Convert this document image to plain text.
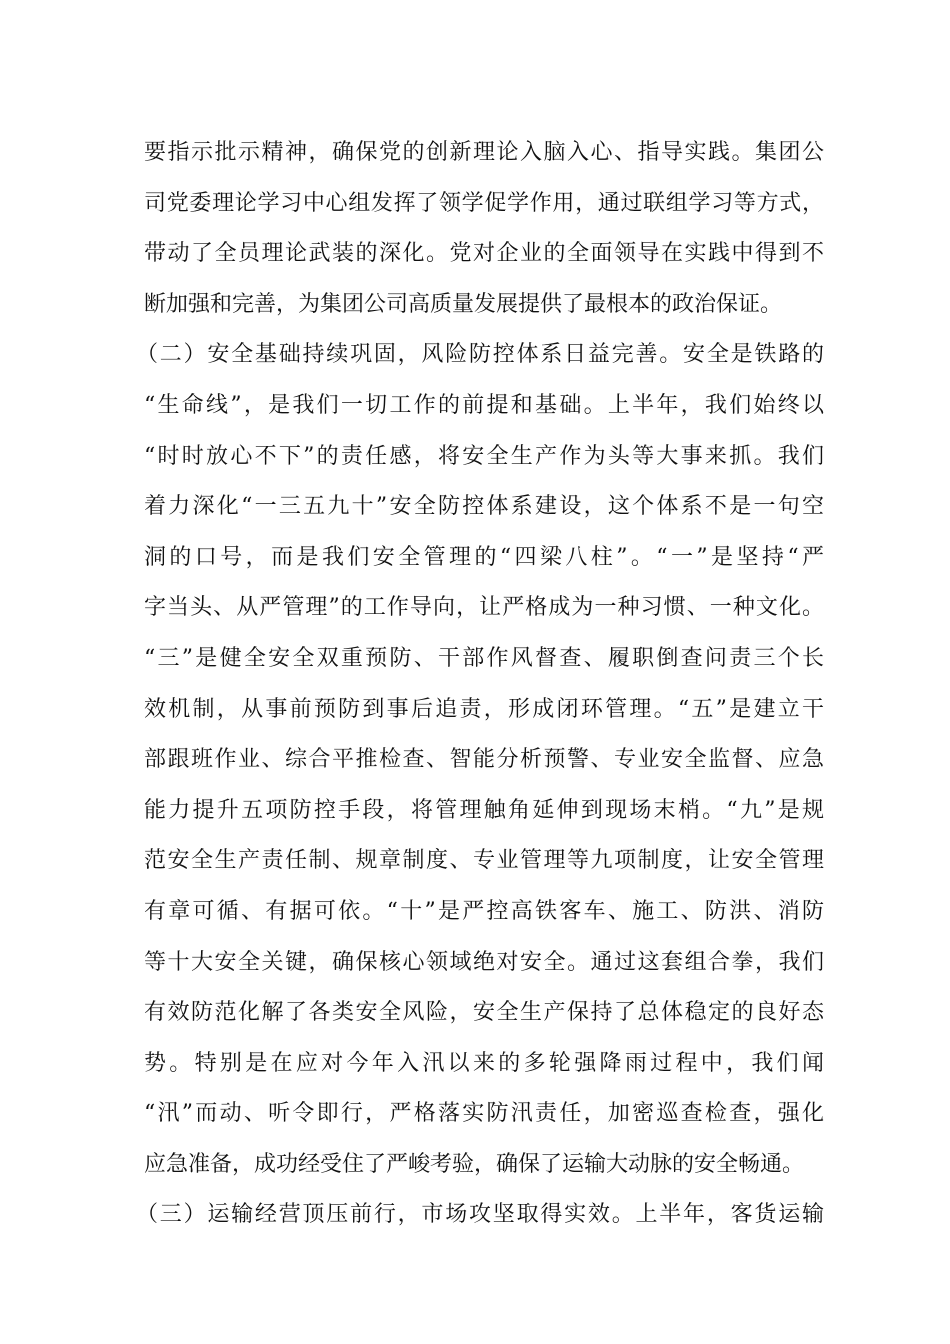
要指示批示精神，确保党的创新理论入脑入心、指导实践。集团公
司党委理论学习中心组发挥了领学促学作用，通过联组学习等方式，
带动了全员理论武装的深化。党对企业的全面领导在实践中得到不
断加强和完善，为集团公司高质量发展提供了最根本的政治保证。
（二）安全基础持续巩固，风险防控体系日益完善。安全是铁路的
“生命线”，是我们一切工作的前提和基础。上半年，我们始终以
“时时放心不下”的责任感，将安全生产作为头等大事来抓。我们
着力深化“一三五九十”安全防控体系建设，这个体系不是一句空
洞的口号，而是我们安全管理的“四梁八柱”。“一”是坚持“严
字当头、从严管理”的工作导向，让严格成为一种习惯、一种文化。
“三”是健全安全双重预防、干部作风督查、履职倒查问责三个长
效机制，从事前预防到事后追责，形成闭环管理。“五”是建立干
部跟班作业、综合平推检查、智能分析预警、专业安全监督、应急
能力提升五项防控手段，将管理触角延伸到现场末梢。“九”是规
范安全生产责任制、规章制度、专业管理等九项制度，让安全管理
有章可循、有据可依。“十”是严控高铁客车、施工、防洪、消防
等十大安全关键，确保核心领域绝对安全。通过这套组合拳，我们
有效防范化解了各类安全风险，安全生产保持了总体稳定的良好态
势。特别是在应对今年入汛以来的多轮强降雨过程中，我们闻
“汛”而动、听令即行，严格落实防汛责任，加密巡查检查，强化
应急准备，成功经受住了严峻考验，确保了运输大动脉的安全畅通。
（三）运输经营顶压前行，市场攻坚取得实效。上半年，客货运输
